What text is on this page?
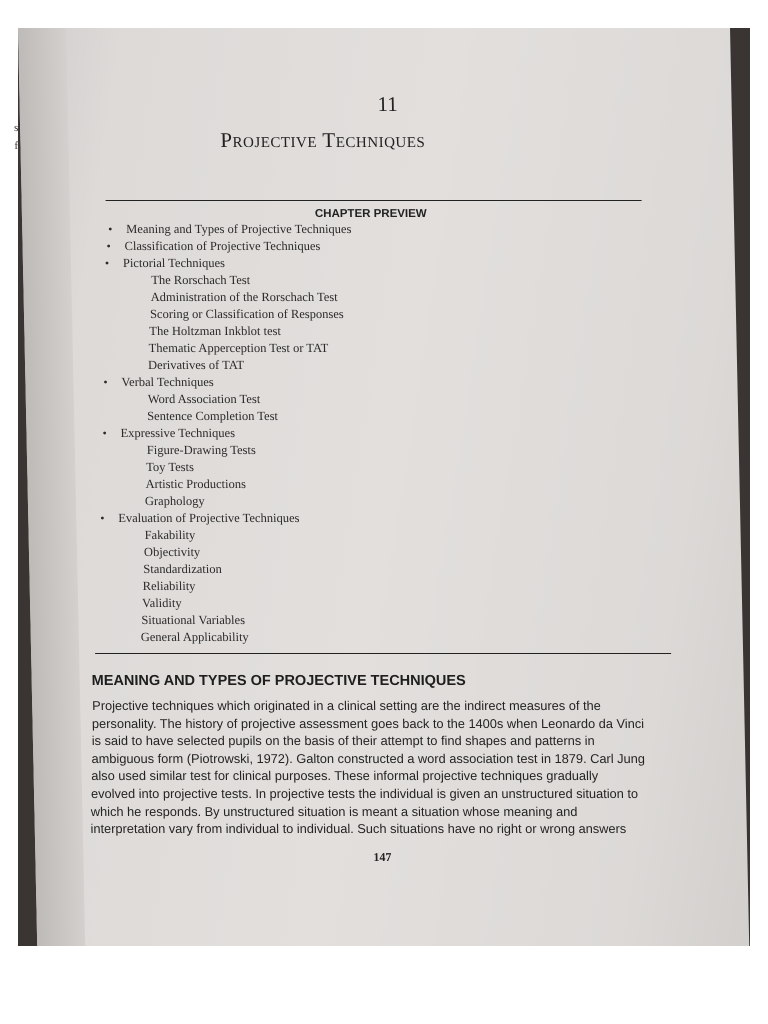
s
f
11
Projective Techniques
CHAPTER PREVIEW
• Meaning and Types of Projective Techniques
• Classification of Projective Techniques
• Pictorial Techniques
The Rorschach Test
Administration of the Rorschach Test
Scoring or Classification of Responses
The Holtzman Inkblot test
Thematic Apperception Test or TAT
Derivatives of TAT
• Verbal Techniques
Word Association Test
Sentence Completion Test
• Expressive Techniques
Figure-Drawing Tests
Toy Tests
Artistic Productions
Graphology
• Evaluation of Projective Techniques
Fakability
Objectivity
Standardization
Reliability
Validity
Situational Variables
General Applicability
MEANING AND TYPES OF PROJECTIVE TECHNIQUES
Projective techniques which originated in a clinical setting are the indirect measures of the
personality. The history of projective assessment goes back to the 1400s when Leonardo da Vinci
is said to have selected pupils on the basis of their attempt to find shapes and patterns in
ambiguous form (Piotrowski, 1972). Galton constructed a word association test in 1879. Carl Jung
also used similar test for clinical purposes. These informal projective techniques gradually
evolved into projective tests. In projective tests the individual is given an unstructured situation to
which he responds. By unstructured situation is meant a situation whose meaning and
interpretation vary from individual to individual. Such situations have no right or wrong answers
147
